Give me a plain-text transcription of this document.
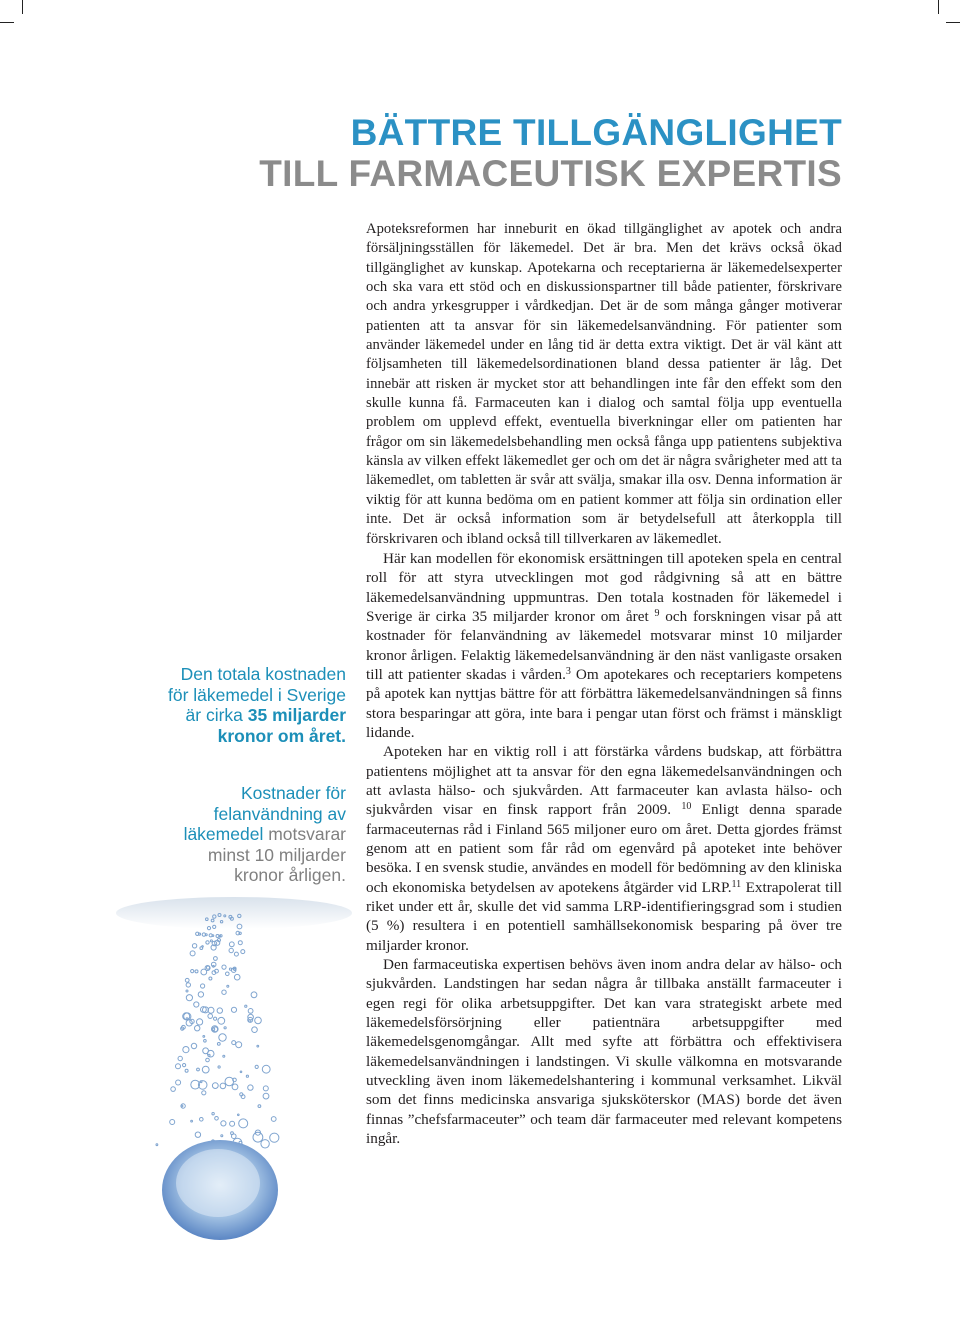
BÄTTRE TILLGÄNGLIGHET
TILL FARMACEUTISK EXPERTIS

Apoteksreformen har inneburit en ökad tillgänglighet av apotek och andra försäljningsställen för läkemedel. Det är bra. Men det krävs också ökad tillgänglighet av kunskap. Apotekarna och receptarierna är läkemedelsexperter och ska vara ett stöd och en diskussionspartner till både patienter, förskrivare och andra yrkesgrupper i vårdkedjan. Det är de som många gånger motiverar patienten att ta ansvar för sin läkemedelsanvändning. För patienter som använder läkemedel under en lång tid är detta extra viktigt. Det är väl känt att följsamheten till läkemedelsordinationen bland dessa patienter är låg. Det innebär att risken är mycket stor att behandlingen inte får den effekt som den skulle kunna få. Farmaceuten kan i dialog och samtal följa upp eventuella problem om upplevd effekt, eventuella biverkningar eller om patienten har frågor om sin läkemedelsbehandling men också fånga upp patientens subjektiva känsla av vilken effekt läkemedlet ger och om det är några svårigheter med att ta läkemedlet, om tabletten är svår att svälja, smakar illa osv. Denna information är viktig för att kunna bedöma om en patient kommer att följa sin ordination eller inte. Det är också information som är betydelsefull att återkoppla till förskrivaren och ibland också till tillverkaren av läkemedlet.

Här kan modellen för ekonomisk ersättningen till apoteken spela en central roll för att styra utvecklingen mot god rådgivning så att en bättre läkemedelsanvändning uppmuntras. Den totala kostnaden för läkemedel i Sverige är cirka 35 miljarder kronor om året $^9$ och forskningen visar på att kostnader för felanvändning av läkemedel motsvarar minst 10 miljarder kronor årligen. Felaktig läkemedelsanvändning är den näst vanligaste orsaken till att patienter skadas i vården.$^3$ Om apotekares och receptariers kompetens på apotek kan nyttjas bättre för att förbättra läkemedelsanvändningen så finns stora besparingar att göra, inte bara i pengar utan först och främst i mänskligt lidande.

Apoteken har en viktig roll i att förstärka vårdens budskap, att förbättra patientens möjlighet att ta ansvar för den egna läkemedelsanvändningen och att avlasta hälso- och sjukvården. Att farmaceuter kan avlasta hälso- och sjukvården visar en finsk rapport från 2009. $^{10}$ Enligt denna sparade farmaceuternas råd i Finland 565 miljoner euro om året. Detta gjordes främst genom att en patient som får råd om egenvård på apoteket inte behöver besöka. I en svensk studie, användes en modell för bedömning av den kliniska och ekonomiska betydelsen av apotekens åtgärder vid LRP.$^{11}$ Extrapolerat till riket under ett år, skulle det vid samma LRP-identifieringsgrad som i studien (5 %) resultera i en potentiell samhällsekonomisk besparing på över tre miljarder kronor.

Den farmaceutiska expertisen behövs även inom andra delar av hälso- och sjukvården. Landstingen har sedan några år tillbaka anställt farmaceuter i egen regi för olika arbetsuppgifter. Det kan vara strategiskt arbete med läkemedelsförsörjning eller patientnära arbetsuppgifter med läkemedelsgenomgångar. Allt med syfte att förbättra och effektivisera läkemedelsanvändningen i landstingen. Vi skulle välkomna en motsvarande utveckling även inom läkemedelshantering i kommunal verksamhet. Likväl som det finns medicinska ansvariga sjuksköterskor (MAS) borde det även finnas ”chefsfarmaceuter” och team där farmaceuter med relevant kompetens ingår.

Den totala kostnaden
för läkemedel i Sverige
är cirka 35 miljarder
kronor om året.
Kostnader för
felanvändning av
läkemedel motsvarar
minst 10 miljarder
kronor årligen.
